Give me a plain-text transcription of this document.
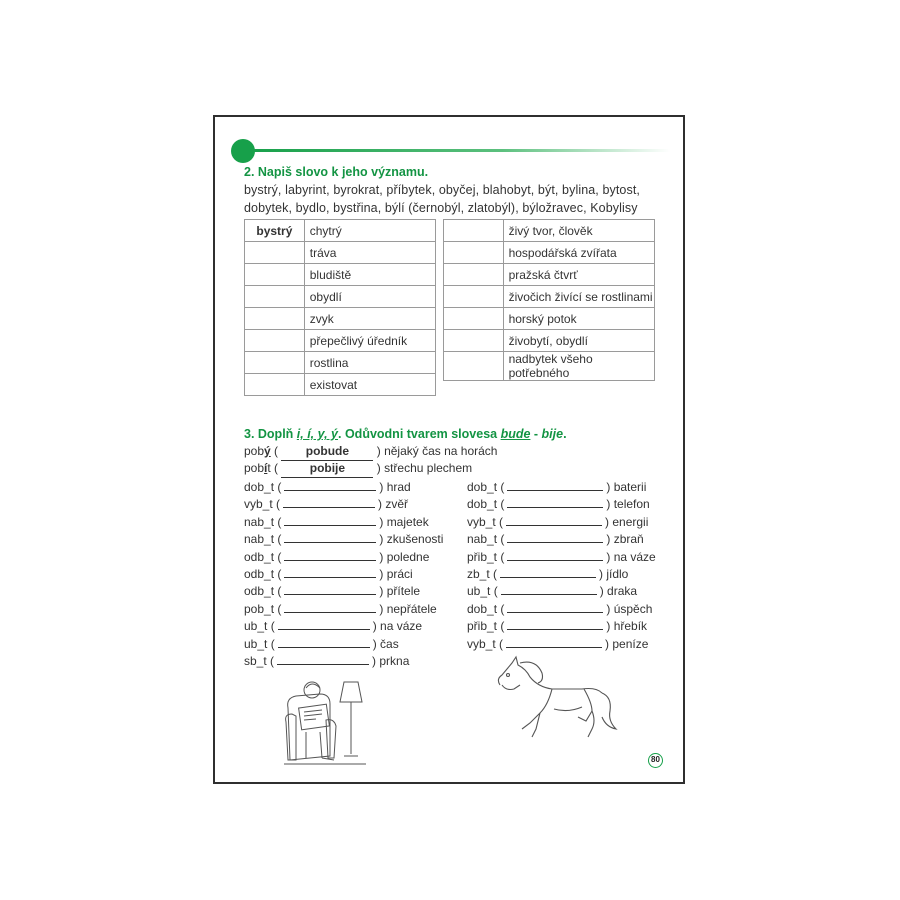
2. Napiš slovo k jeho významu.
bystrý, labyrint, byrokrat, příbytek, obyčej, blahobyt, být, bylina, bytost,
dobytek, bydlo, bystřina, býlí (černobýl, zlatobýl), býložravec, Kobylisy
bystrý	chytrý
	tráva
	bludiště
	obydlí
	zvyk
	přepečlivý úředník
	rostlina
	existovat
	živý tvor, člověk
	hospodářská zvířata
	pražská čtvrť
	živočich živící se rostlinami
	horský potok
	živobytí, obydlí
	nadbytek všeho potřebného
3. Doplň i, í, y, ý. Odůvodni tvarem slovesa bude - bije.
pobý ( pobude ) nějaký čas na horách
pobít (	pobije	) střechu plechem
dob_t (	) hrad
vyb_t (	) zvěř
nab_t (	) majetek
nab_t (	) zkušenosti
odb_t (	) poledne
odb_t (	) práci
odb_t (	) přítele
pob_t (	) nepřátele
ub_t (	) na váze
ub_t (	) čas
sb_t (	) prkna
dob_t (	) baterii
dob_t (	) telefon
vyb_t (	) energii
nab_t (	) zbraň
přib_t (	) na váze
zb_t (	) jídlo
ub_t (	) draka
dob_t (	) úspěch
přib_t (	) hřebík
vyb_t (	) peníze
80
